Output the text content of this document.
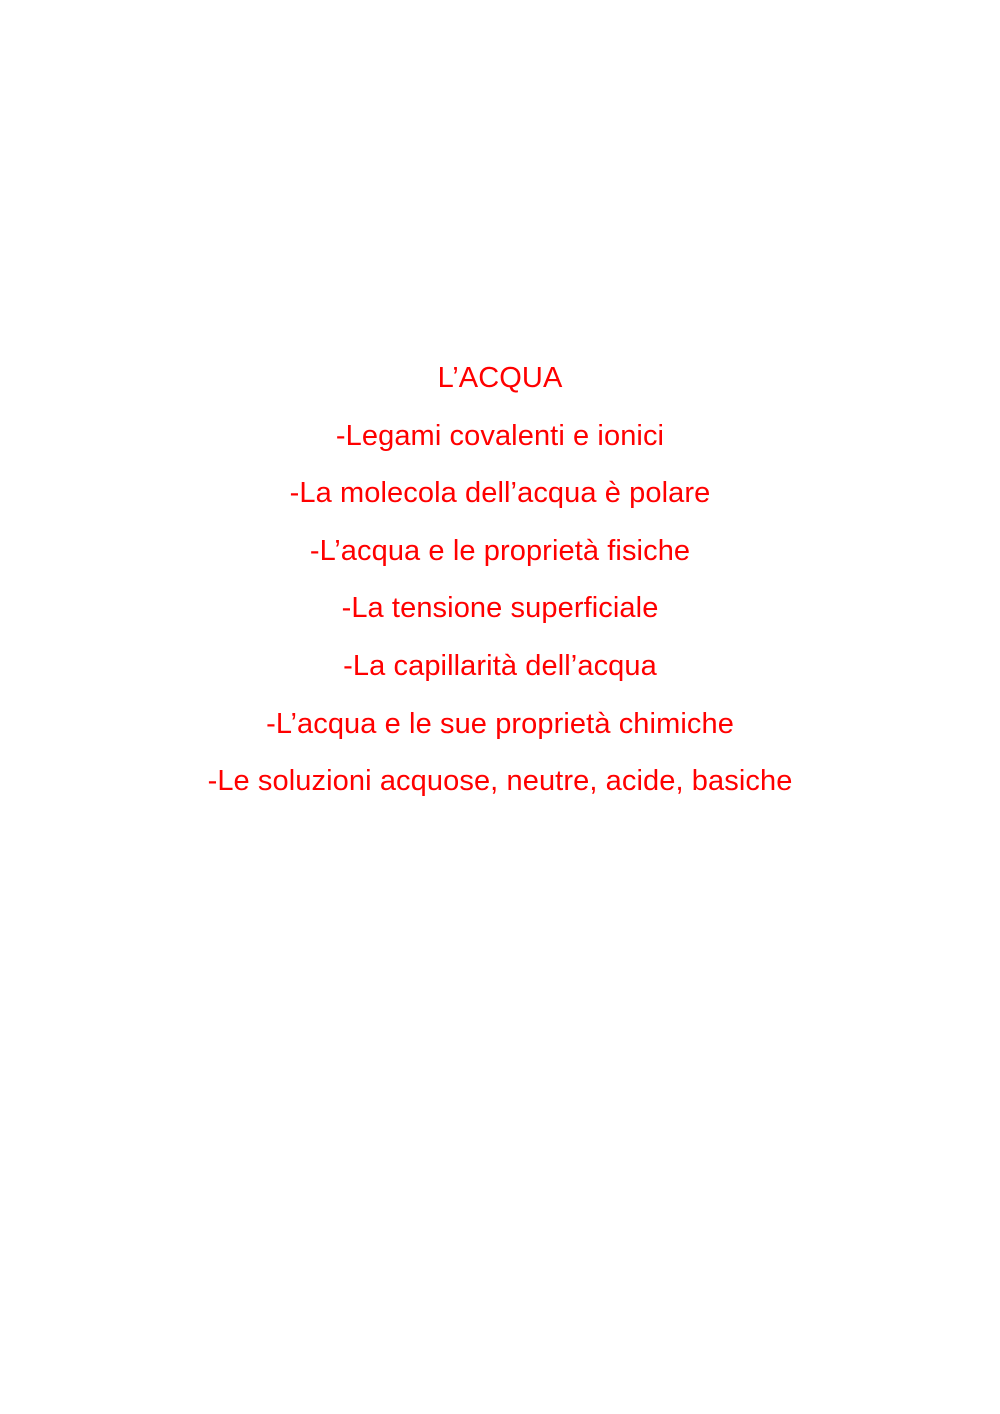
L’ACQUA
-Legami covalenti e ionici
-La molecola dell’acqua è polare
-L’acqua e le proprietà fisiche
-La tensione superficiale
-La capillarità dell’acqua
-L’acqua e le sue proprietà chimiche
-Le soluzioni acquose, neutre, acide, basiche
